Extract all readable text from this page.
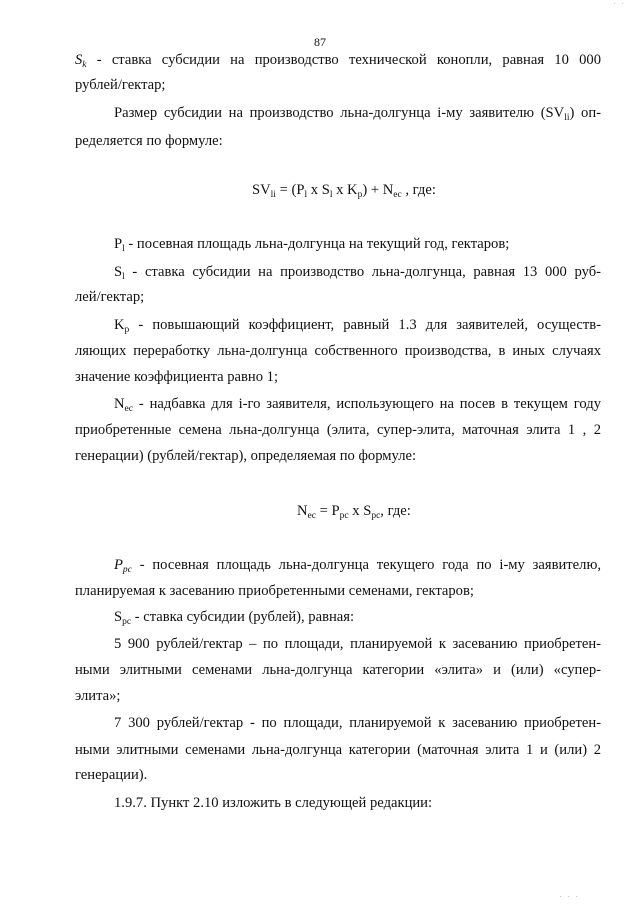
87
$S_k$ - ставка субсидии на производство технической конопли, равная 10 000
рублей/гектар;
Размер субсидии на производство льна-долгунца i-му заявителю $(SV_{li})$ оп-
ределяется по формуле:
$SV_{li} = (P_l$ x $S_l$ x $K_p) + N_{ec}$ , где:
$P_l$ - посевная площадь льна-долгунца на текущий год, гектаров;
$S_l$ - ставка субсидии на производство льна-долгунца, равная 13 000 руб-
лей/гектар;
$K_p$ - повышающий коэффициент, равный 1.3 для заявителей, осуществ-
ляющих переработку льна-долгунца собственного производства, в иных случаях
значение коэффициента равно 1;
$N_{ec}$ - надбавка для i-го заявителя, использующего на посев в текущем году
приобретенные семена льна-долгунца (элита, супер-элита, маточная элита 1 , 2
генерации) (рублей/гектар), определяемая по формуле:
$N_{ec} = P_{pc}$ x $S_{pc}$, где:
$P_{pc}$ - посевная площадь льна-долгунца текущего года по i-му заявителю,
планируемая к засеванию приобретенными семенами, гектаров;
$S_{pc}$ - ставка субсидии (рублей), равная:
5 900 рублей/гектар – по площади, планируемой к засеванию приобретен-
ными элитными семенами льна-долгунца категории «элита» и (или) «супер-
элита»;
7 300 рублей/гектар - по площади, планируемой к засеванию приобретен-
ными элитными семенами льна-долгунца категории (маточная элита 1 и (или) 2
генерации).
1.9.7. Пункт 2.10 изложить в следующей редакции:
· ·
· · ·
